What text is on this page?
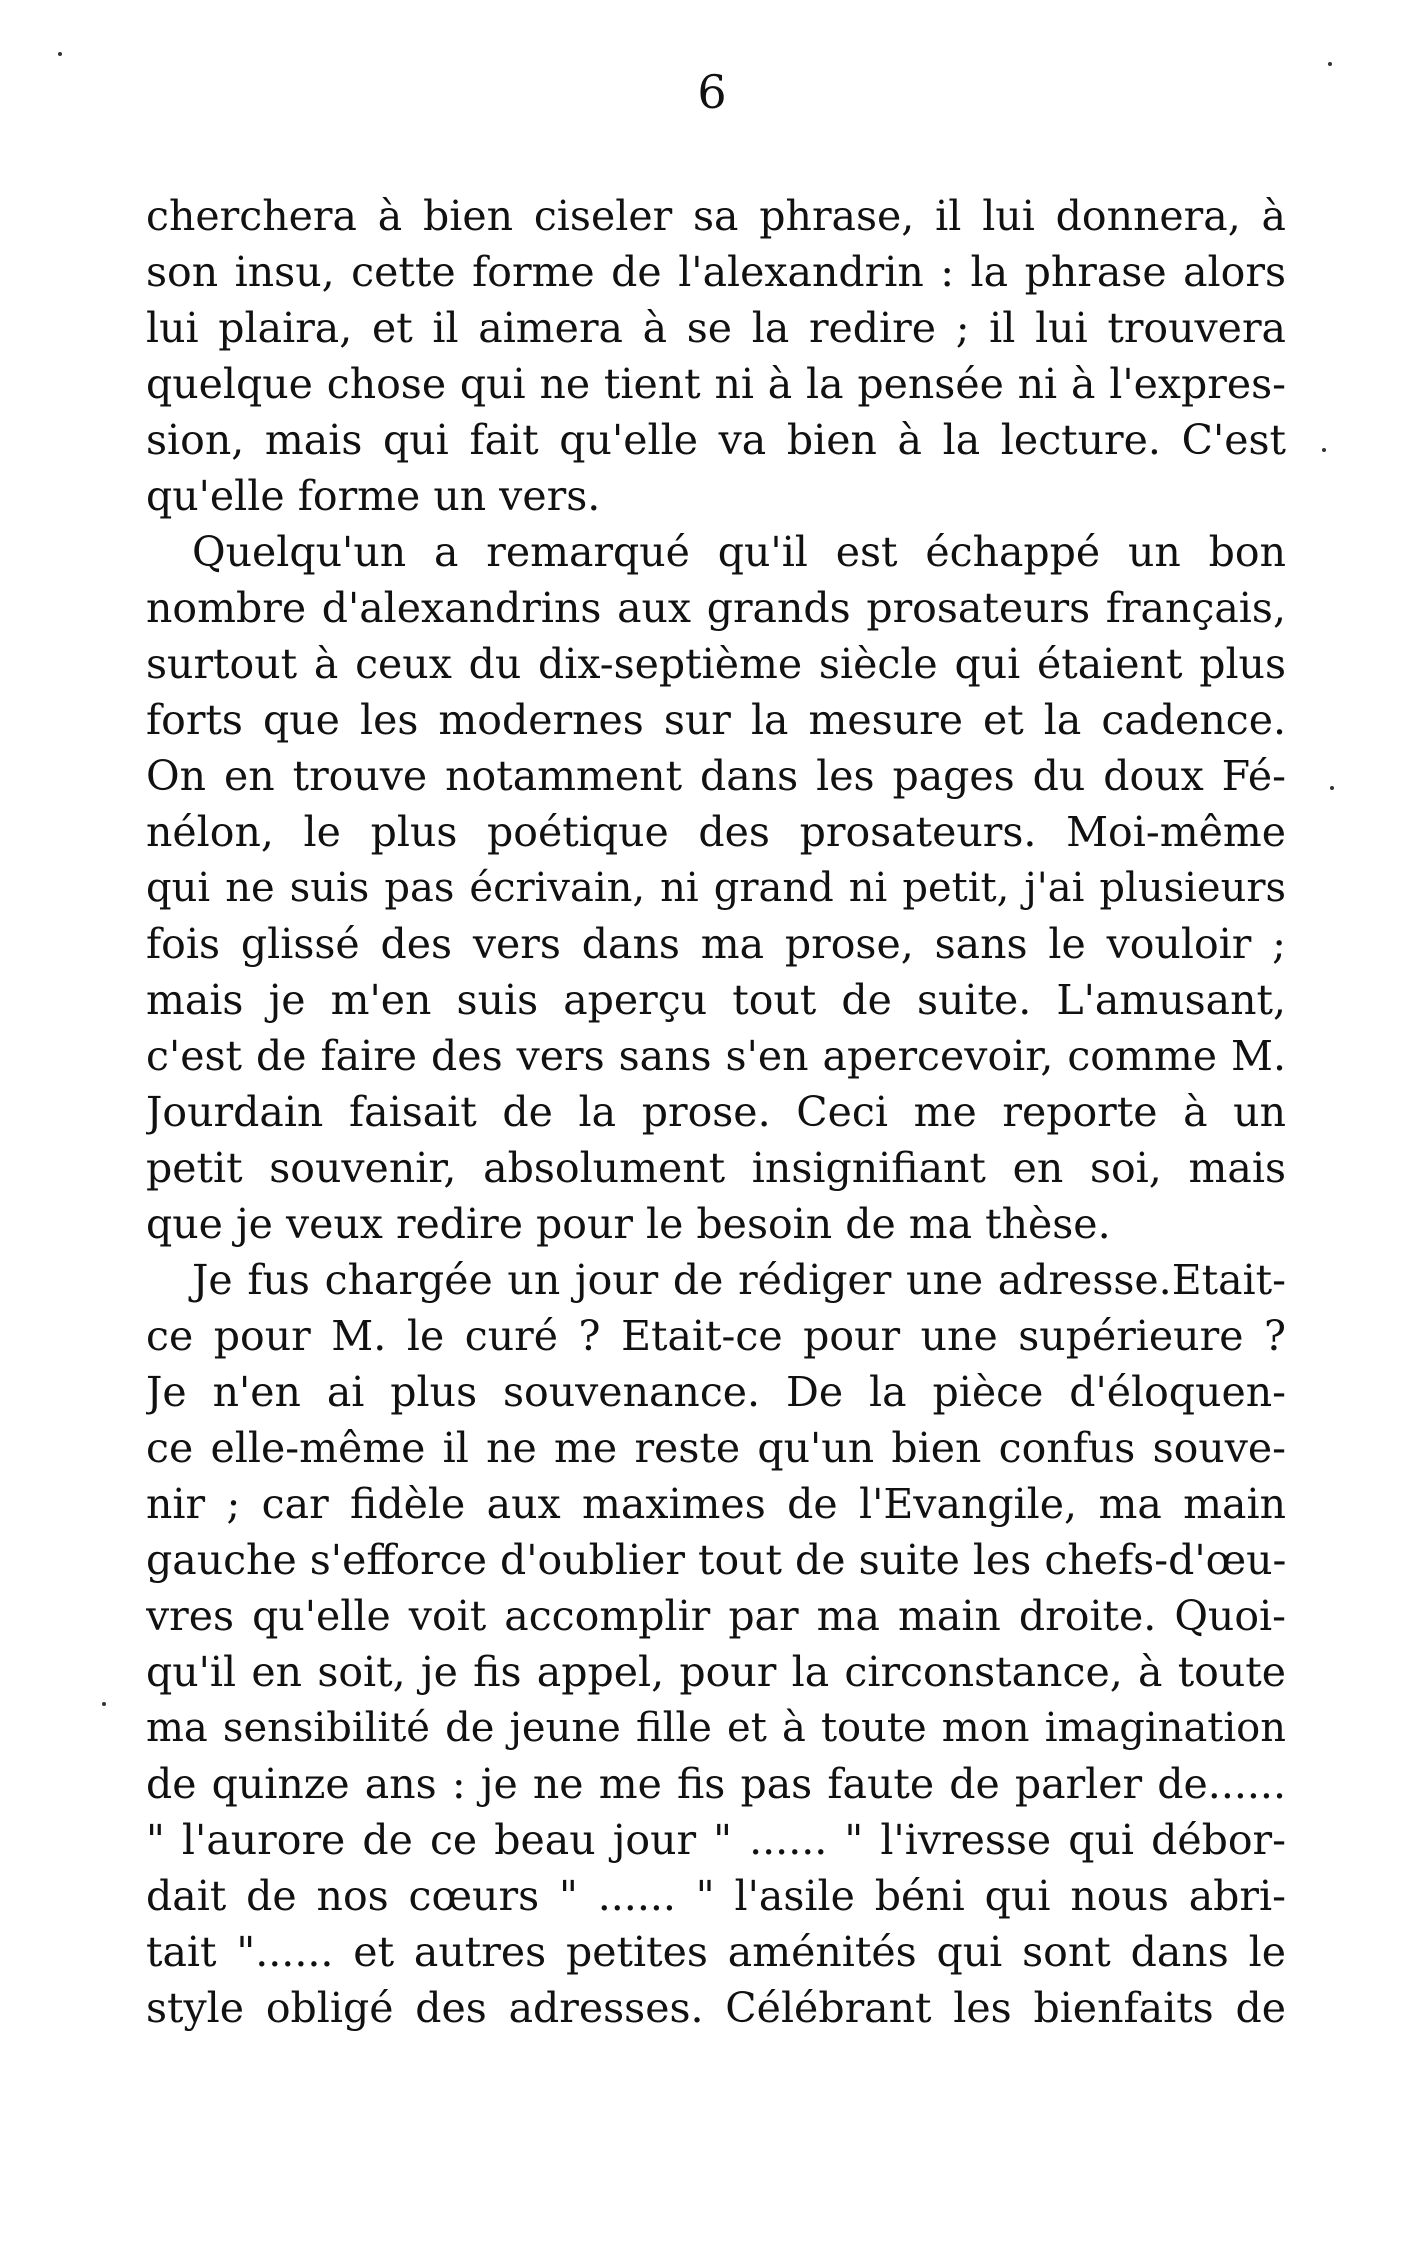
6
cherchera à bien ciseler sa phrase, il lui donnera, à
son insu, cette forme de l'alexandrin : la phrase alors
lui plaira, et il aimera à se la redire ; il lui trouvera
quelque chose qui ne tient ni à la pensée ni à l'expres-
sion, mais qui fait qu'elle va bien à la lecture. C'est
qu'elle forme un vers.
Quelqu'un a remarqué qu'il est échappé un bon
nombre d'alexandrins aux grands prosateurs français,
surtout à ceux du dix-septième siècle qui étaient plus
forts que les modernes sur la mesure et la cadence.
On en trouve notamment dans les pages du doux Fé-
nélon, le plus poétique des prosateurs. Moi-même
qui ne suis pas écrivain, ni grand ni petit, j'ai plusieurs
fois glissé des vers dans ma prose, sans le vouloir ;
mais je m'en suis aperçu tout de suite. L'amusant,
c'est de faire des vers sans s'en apercevoir, comme M.
Jourdain faisait de la prose. Ceci me reporte à un
petit souvenir, absolument insignifiant en soi, mais
que je veux redire pour le besoin de ma thèse.
Je fus chargée un jour de rédiger une adresse.Etait-
ce pour M. le curé ? Etait-ce pour une supérieure ?
Je n'en ai plus souvenance. De la pièce d'éloquen-
ce elle-même il ne me reste qu'un bien confus souve-
nir ; car fidèle aux maximes de l'Evangile, ma main
gauche s'efforce d'oublier tout de suite les chefs-d'œu-
vres qu'elle voit accomplir par ma main droite. Quoi-
qu'il en soit, je fis appel, pour la circonstance, à toute
ma sensibilité de jeune fille et à toute mon imagination
de quinze ans : je ne me fis pas faute de parler de......
" l'aurore de ce beau jour " ...... " l'ivresse qui débor-
dait de nos cœurs " ...... " l'asile béni qui nous abri-
tait "...... et autres petites aménités qui sont dans le
style obligé des adresses. Célébrant les bienfaits de
